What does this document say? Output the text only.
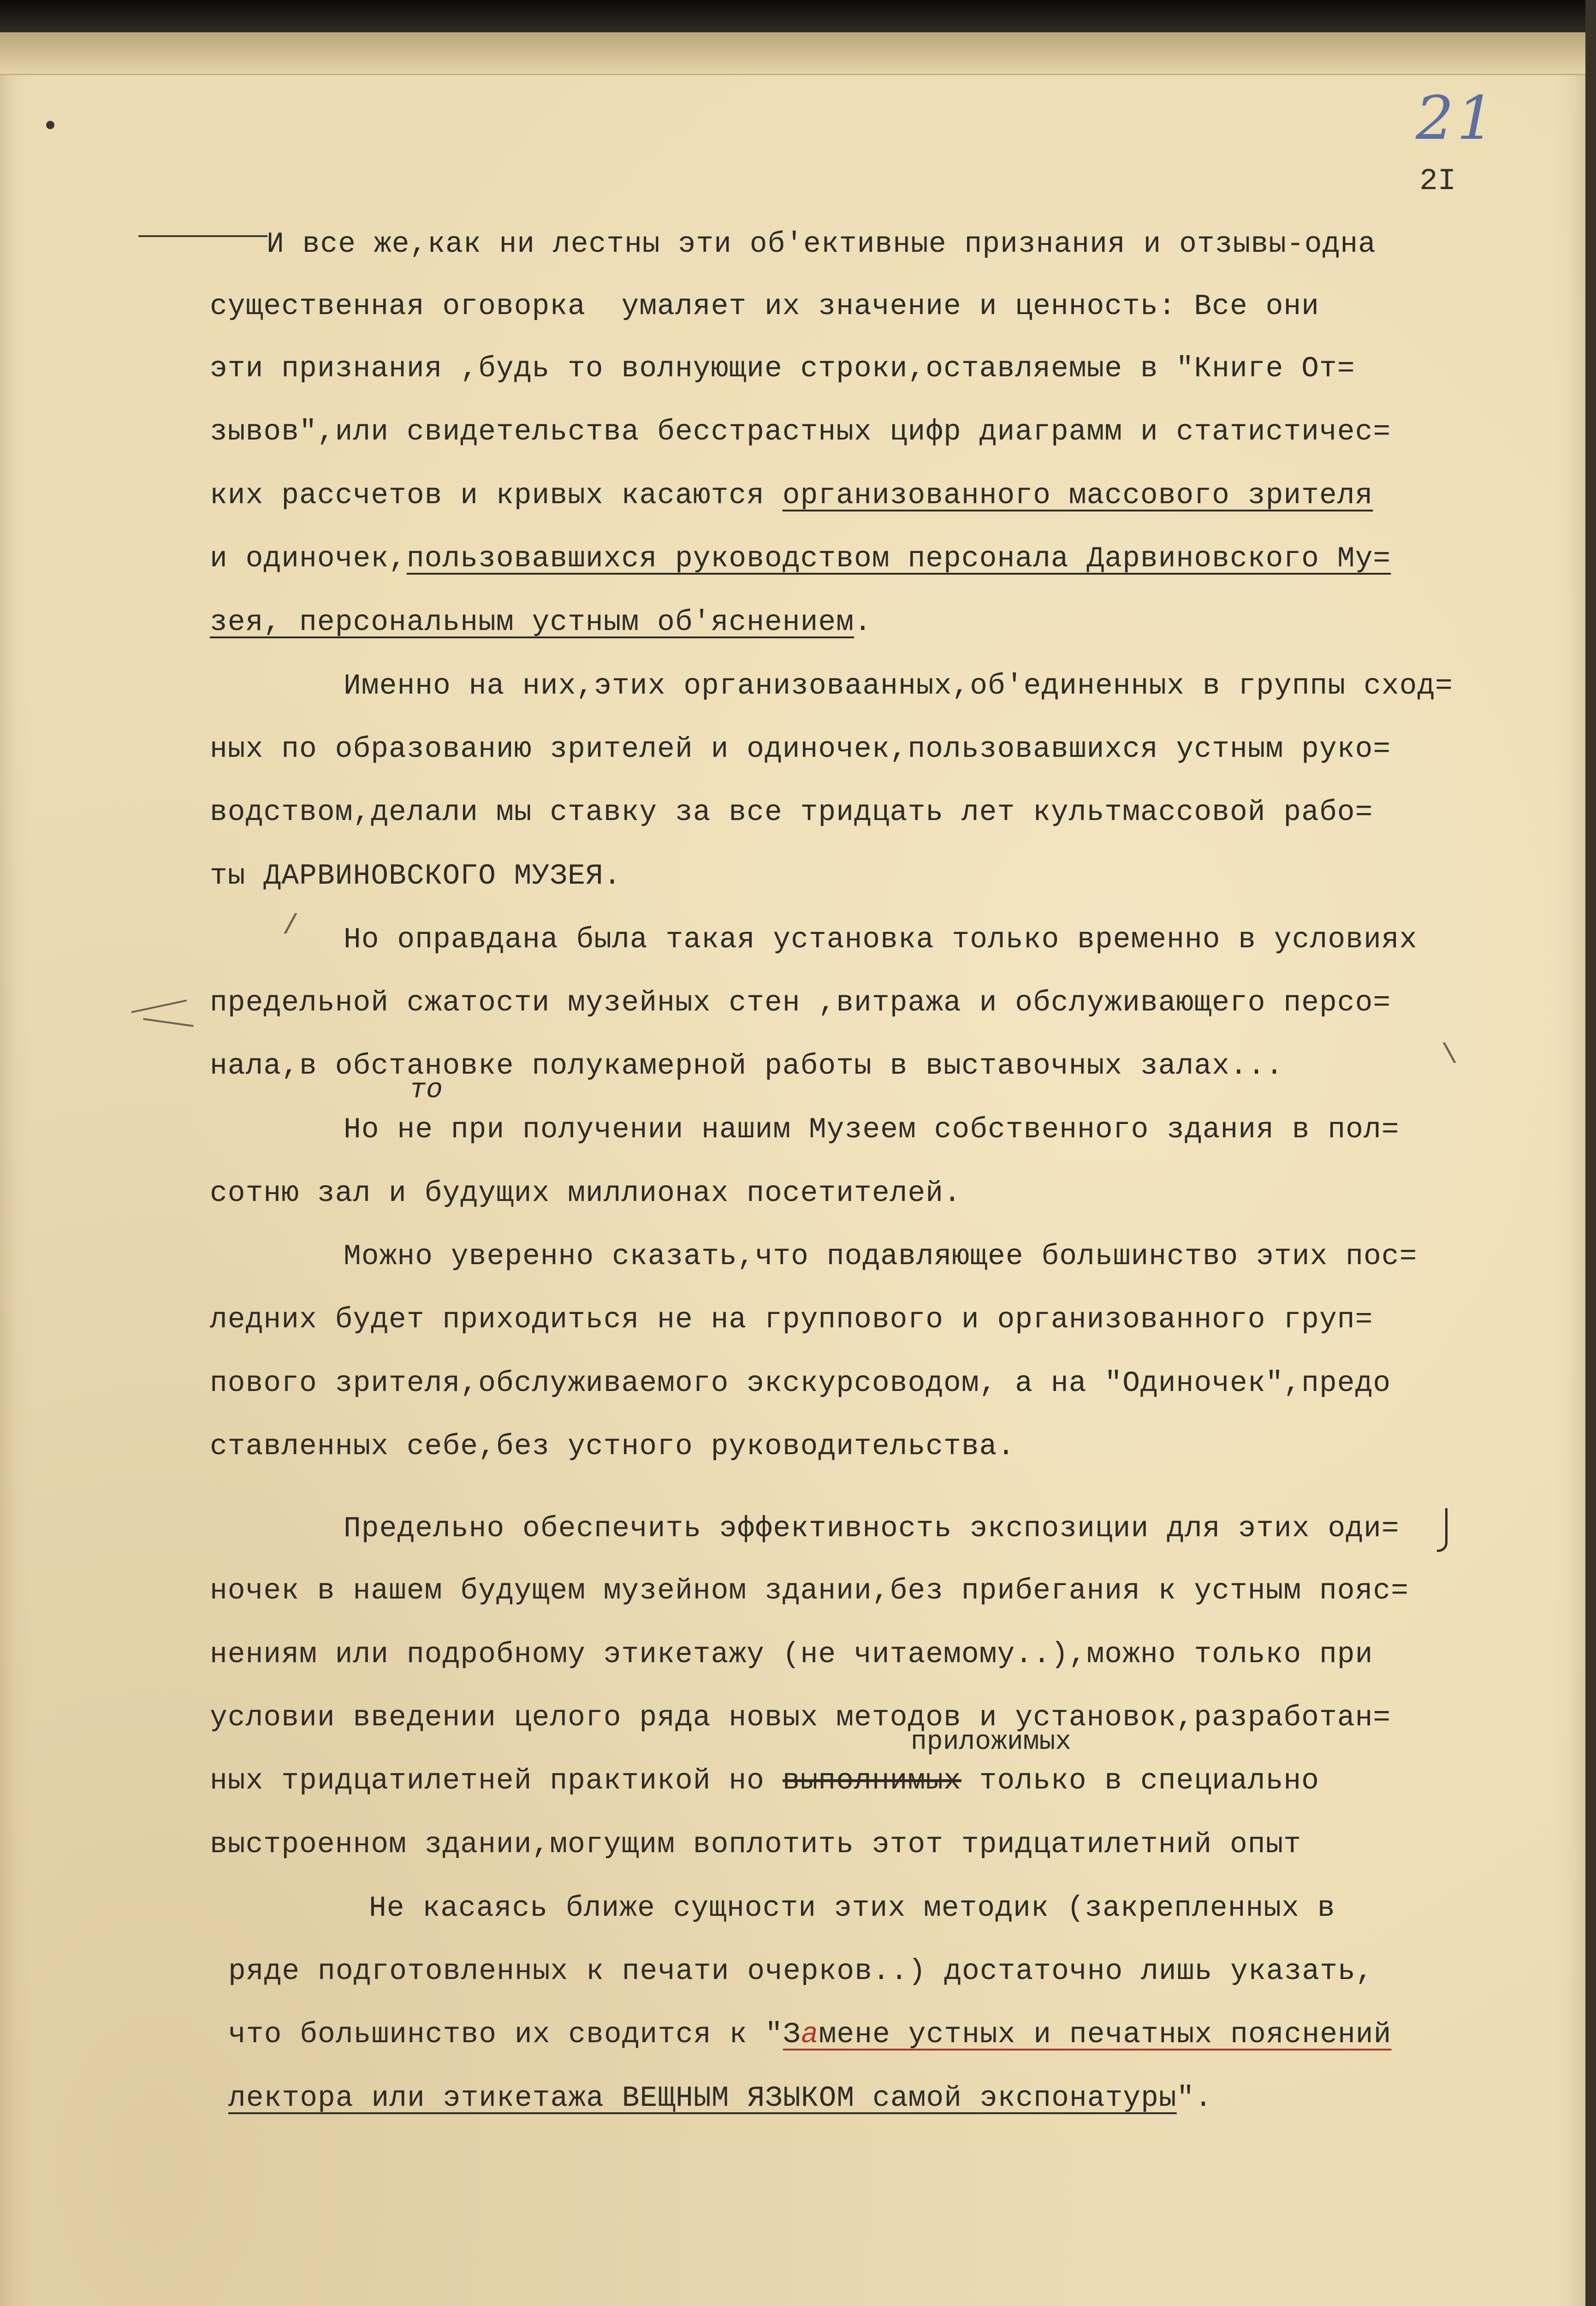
21
2I
И все же,как ни лестны эти об'ективные признания и отзывы-одна
существенная оговорка  умаляет их значение и ценность: Все они
эти признания ,будь то волнующие строки,оставляемые в "Книге От=
зывов",или свидетельства бесстрастных цифр диаграмм и статистичес=
ких рассчетов и кривых касаются организованного массового зрителя
и одиночек,пользовавшихся руководством персонала Дарвиновского Му=
зея, персональным устным об'яснением.
Именно на них,этих организоваанных,об'единенных в группы сход=
ных по образованию зрителей и одиночек,пользовавшихся устным руко=
водством,делали мы ставку за все тридцать лет культмассовой рабо=
ты ДАРВИНОВСКОГО МУЗЕЯ.
Но оправдана была такая установка только временно в условиях
предельной сжатости музейных стен ,витража и обслуживающего персо=
нала,в обстановке полукамерной работы в выставочных залах...
Но не при получении нашим Музеем собственного здания в пол=
сотню зал и будущих миллионах посетителей.
Можно уверенно сказать,что подавляющее большинство этих пос=
ледних будет приходиться не на группового и организованного груп=
пового зрителя,обслуживаемого экскурсоводом, а на "Одиночек",предо
ставленных себе,без устного руководительства.
Предельно обеспечить эффективность экспозиции для этих оди=
ночек в нашем будущем музейном здании,без прибегания к устным пояс=
нениям или подробному этикетажу (не читаемому..),можно только при
условии введении целого ряда новых методов и установок,разработан=
ных тридцатилетней практикой но выполнимых только в специально
выстроенном здании,могущим воплотить этот тридцатилетний опыт
Не касаясь ближе сущности этих методик (закрепленных в
ряде подготовленных к печати очерков..) достаточно лишь указать,
что большинство их сводится к "Замене устных и печатных пояснений
лектора или этикетажа ВЕЩНЫМ ЯЗЫКОМ самой экспонатуры".
то
приложимых
/
\
